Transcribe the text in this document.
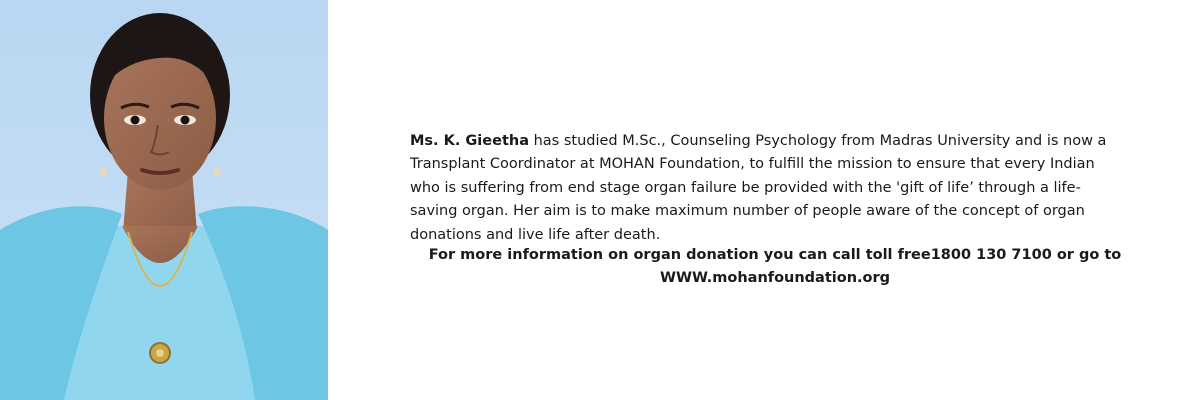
Ms. K. Gieetha has studied M.Sc., Counseling Psychology from Madras University and is now a Transplant Coordinator at MOHAN Foundation, to fulfill the mission to ensure that every Indian who is suffering from end stage organ failure be provided with the 'gift of life’ through a life-saving organ. Her aim is to make maximum number of people aware of the concept of organ donations and live life after death.

For more information on organ donation you can call toll free1800 130 7100 or go to
WWW.mohanfoundation.org
